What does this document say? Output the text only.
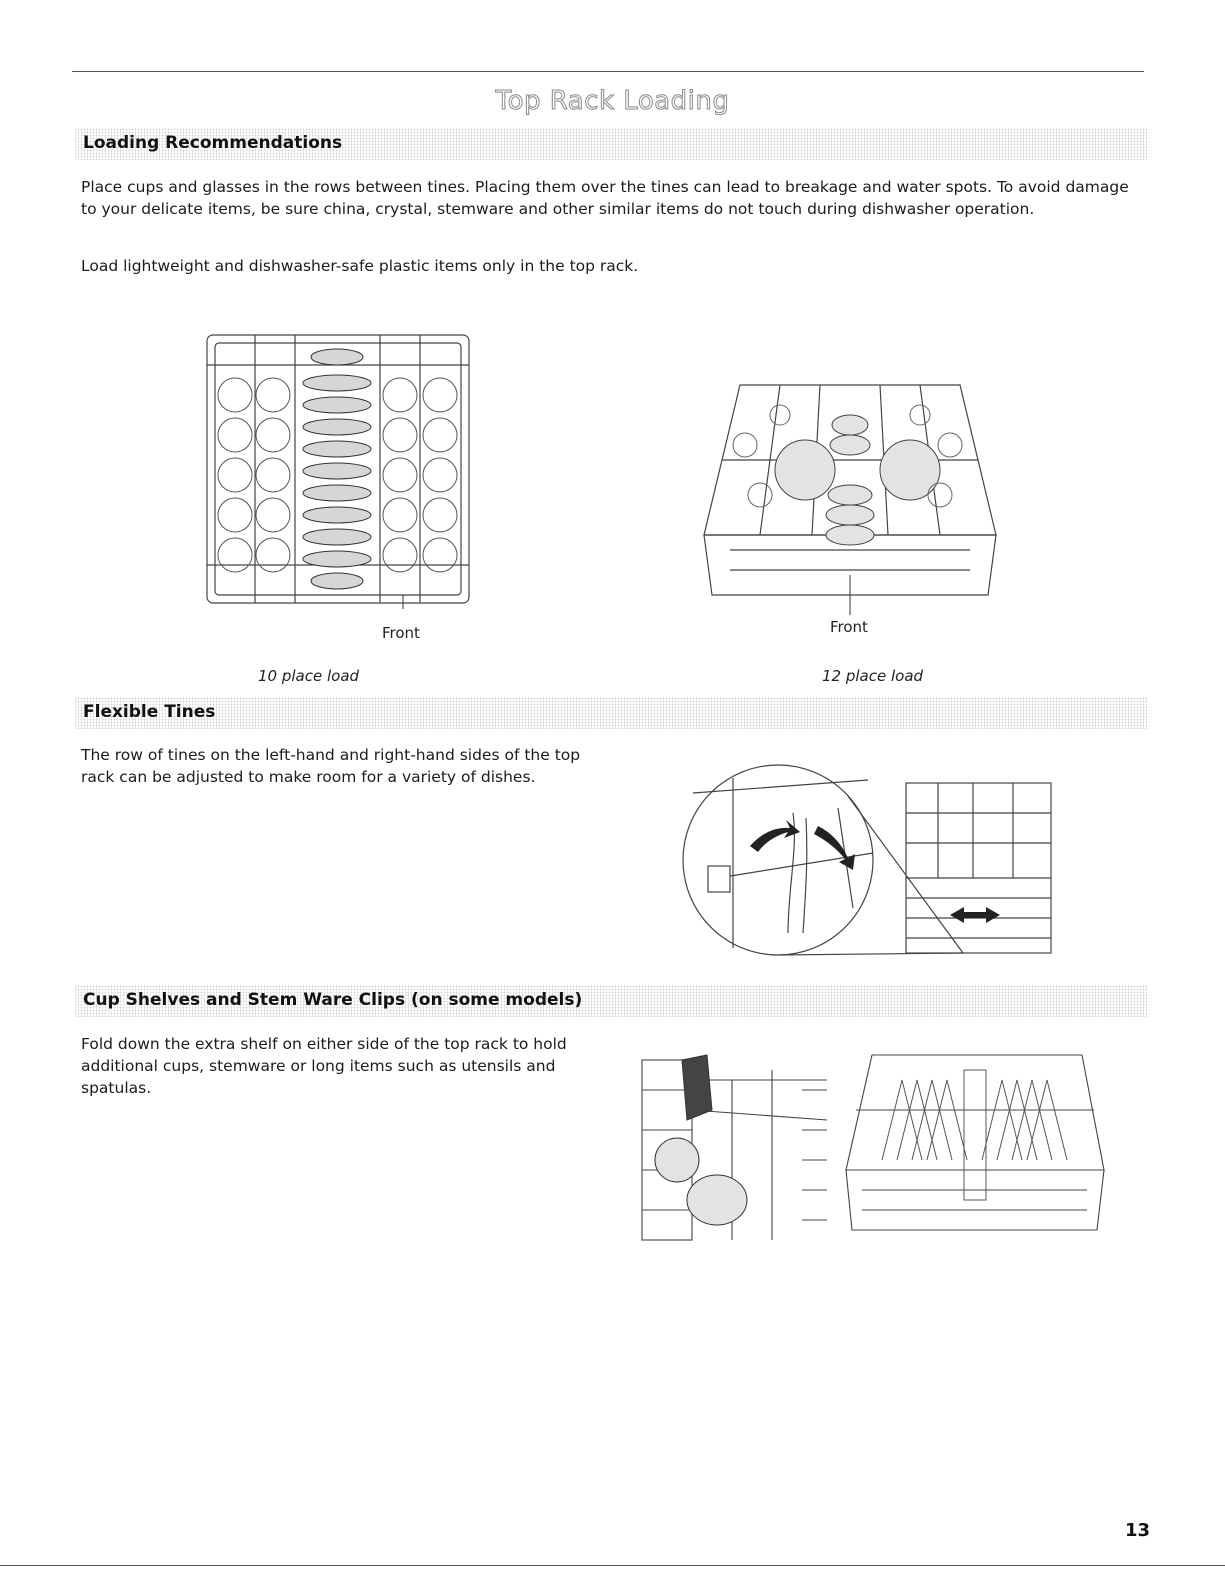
Top Rack Loading
Loading Recommendations

Place cups and glasses in the rows between tines. Placing them over the tines can lead to breakage and water spots. To avoid damage to your delicate items, be sure china, crystal, stemware and other similar items do not touch during dishwasher operation.

Load lightweight and dishwasher-safe plastic items only in the top rack.

Front
10 place load
Front
12 place load
Flexible Tines

The row of tines on the left-hand and right-hand sides of the top rack can be adjusted to make room for a variety of dishes.

Cup Shelves and Stem Ware Clips (on some models)

Fold down the extra shelf on either side of the top rack to hold additional cups, stemware or long items such as utensils and spatulas.

13
